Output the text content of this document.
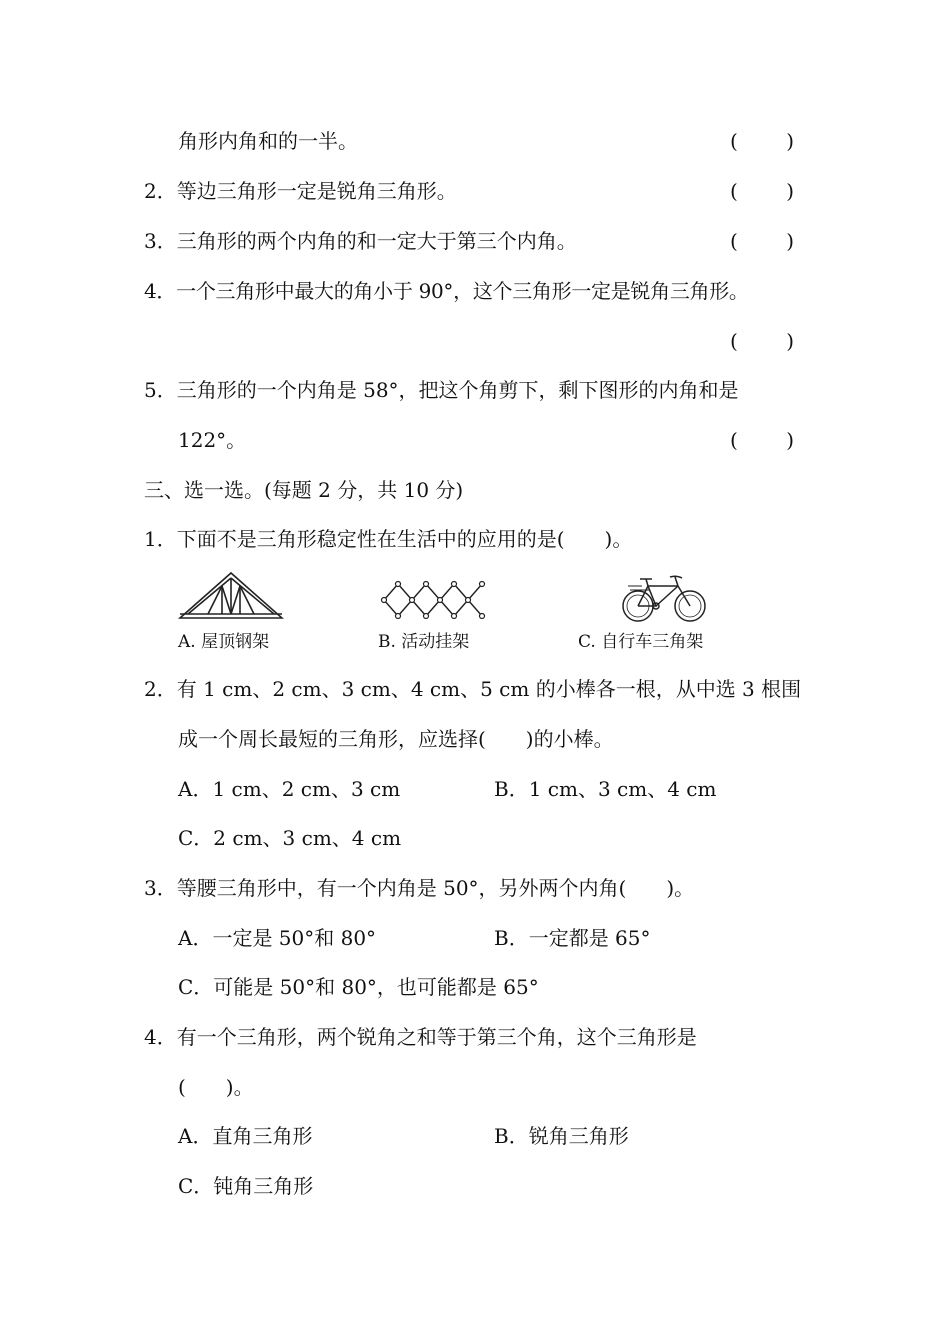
角形内角和的一半。	( )
2．等边三角形一定是锐角三角形。	( )
3．三角形的两个内角的和一定大于第三个内角。	( )
4．一个三角形中最大的角小于 90°，这个三角形一定是锐角三角形。
( )
5．三角形的一个内角是 58°，把这个角剪下，剩下图形的内角和是
122°。	( )
三、选一选。(每题 2 分，共 10 分)
1．下面不是三角形稳定性在生活中的应用的是(　　)。
A. 屋顶钢架	B. 活动挂架	C. 自行车三角架
2．有 1 cm、2 cm、3 cm、4 cm、5 cm 的小棒各一根，从中选 3 根围
成一个周长最短的三角形，应选择(　　)的小棒。
A．1 cm、2 cm、3 cm	B．1 cm、3 cm、4 cm
C．2 cm、3 cm、4 cm
3．等腰三角形中，有一个内角是 50°，另外两个内角(　　)。
A．一定是 50°和 80°	B．一定都是 65°
C．可能是 50°和 80°，也可能都是 65°
4．有一个三角形，两个锐角之和等于第三个角，这个三角形是
(　　)。
A．直角三角形	B．锐角三角形
C．钝角三角形
